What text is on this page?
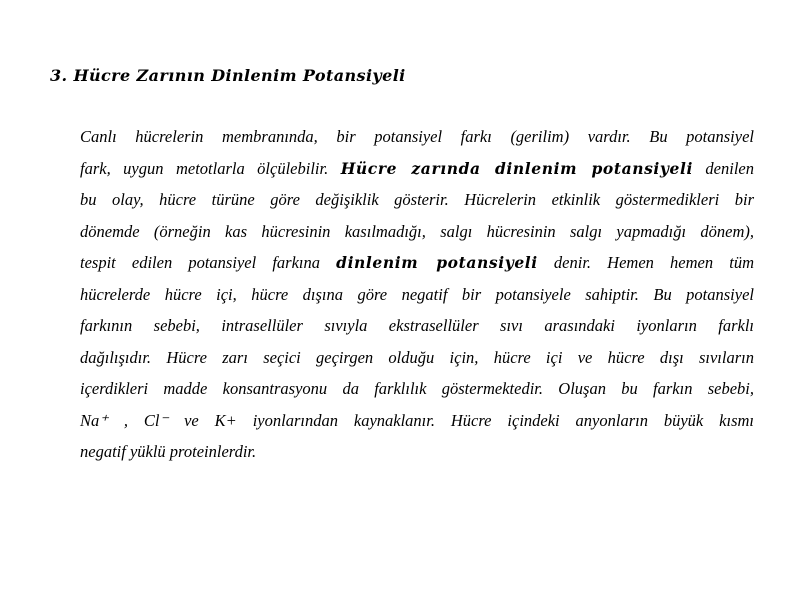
3. Hücre Zarının Dinlenim Potansiyeli
Canlı hücrelerin membranında, bir potansiyel farkı (gerilim) vardır. Bu potansiyel
fark, uygun metotlarla ölçülebilir. Hücre zarında dinlenim potansiyeli denilen
bu olay, hücre türüne göre değişiklik gösterir. Hücrelerin etkinlik göstermedikleri bir
dönemde (örneğin kas hücresinin kasılmadığı, salgı hücresinin salgı yapmadığı dönem),
tespit edilen potansiyel farkına dinlenim potansiyeli denir. Hemen hemen tüm
hücrelerde hücre içi, hücre dışına göre negatif bir potansiyele sahiptir. Bu potansiyel
farkının sebebi, intrasellüler sıvıyla ekstrasellüler sıvı arasındaki iyonların farklı
dağılışıdır. Hücre zarı seçici geçirgen olduğu için, hücre içi ve hücre dışı sıvıların
içerdikleri madde konsantrasyonu da farklılık göstermektedir. Oluşan bu farkın sebebi,
Na⁺ , Cl⁻ ve K+ iyonlarından kaynaklanır. Hücre içindeki anyonların büyük kısmı
negatif yüklü proteinlerdir.
